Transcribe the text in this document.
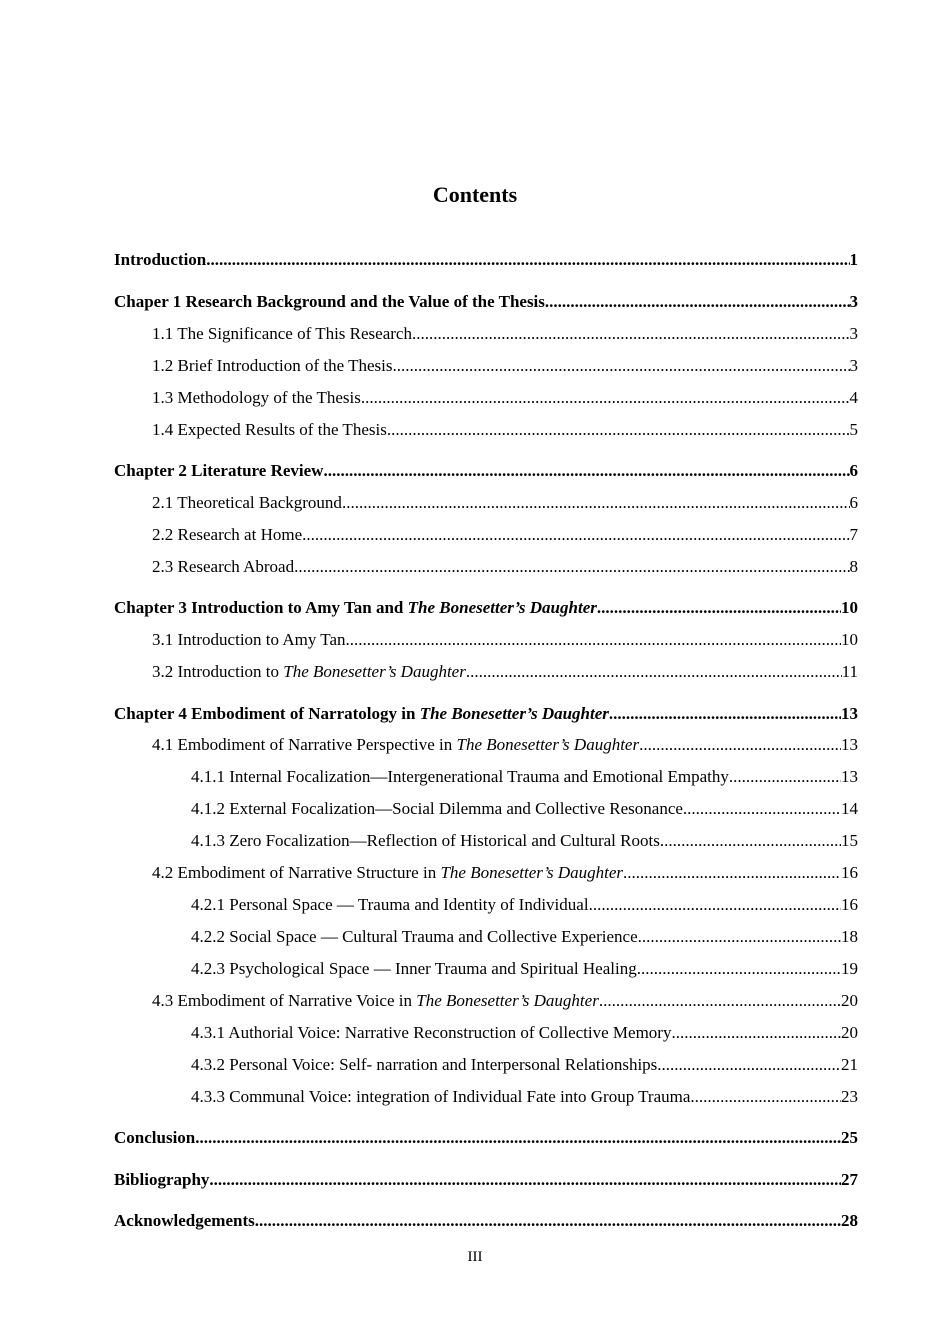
Contents
Introduction .....	1
Chaper 1 Research Background and the Value of the Thesis .....	3
1.1 The Significance of This Research .....	3
1.2 Brief Introduction of the Thesis .....	3
1.3 Methodology of the Thesis .....	4
1.4 Expected Results of the Thesis .....	5
Chapter 2 Literature Review .....	6
2.1 Theoretical Background .....	6
2.2 Research at Home .....	7
2.3 Research Abroad .....	8
Chapter 3 Introduction to Amy Tan and The Bonesetter’s Daughter .....	10
3.1 Introduction to Amy Tan .....	10
3.2 Introduction to The Bonesetter’s Daughter .....	11
Chapter 4 Embodiment of Narratology in The Bonesetter’s Daughter .....	13
4.1 Embodiment of Narrative Perspective in The Bonesetter’s Daughter .....	13
4.1.1 Internal Focalization—Intergenerational Trauma and Emotional Empathy .....	13
4.1.2 External Focalization—Social Dilemma and Collective Resonance .....	14
4.1.3 Zero Focalization—Reflection of Historical and Cultural Roots .....	15
4.2 Embodiment of Narrative Structure in The Bonesetter’s Daughter .....	16
4.2.1 Personal Space — Trauma and Identity of Individual .....	16
4.2.2 Social Space — Cultural Trauma and Collective Experience .....	18
4.2.3 Psychological Space — Inner Trauma and Spiritual Healing .....	19
4.3 Embodiment of Narrative Voice in The Bonesetter’s Daughter .....	20
4.3.1 Authorial Voice: Narrative Reconstruction of Collective Memory .....	20
4.3.2 Personal Voice: Self- narration and Interpersonal Relationships .....	21
4.3.3 Communal Voice: integration of Individual Fate into Group Trauma .....	23
Conclusion .....	25
Bibliography .....	27
Acknowledgements .....	28
III
